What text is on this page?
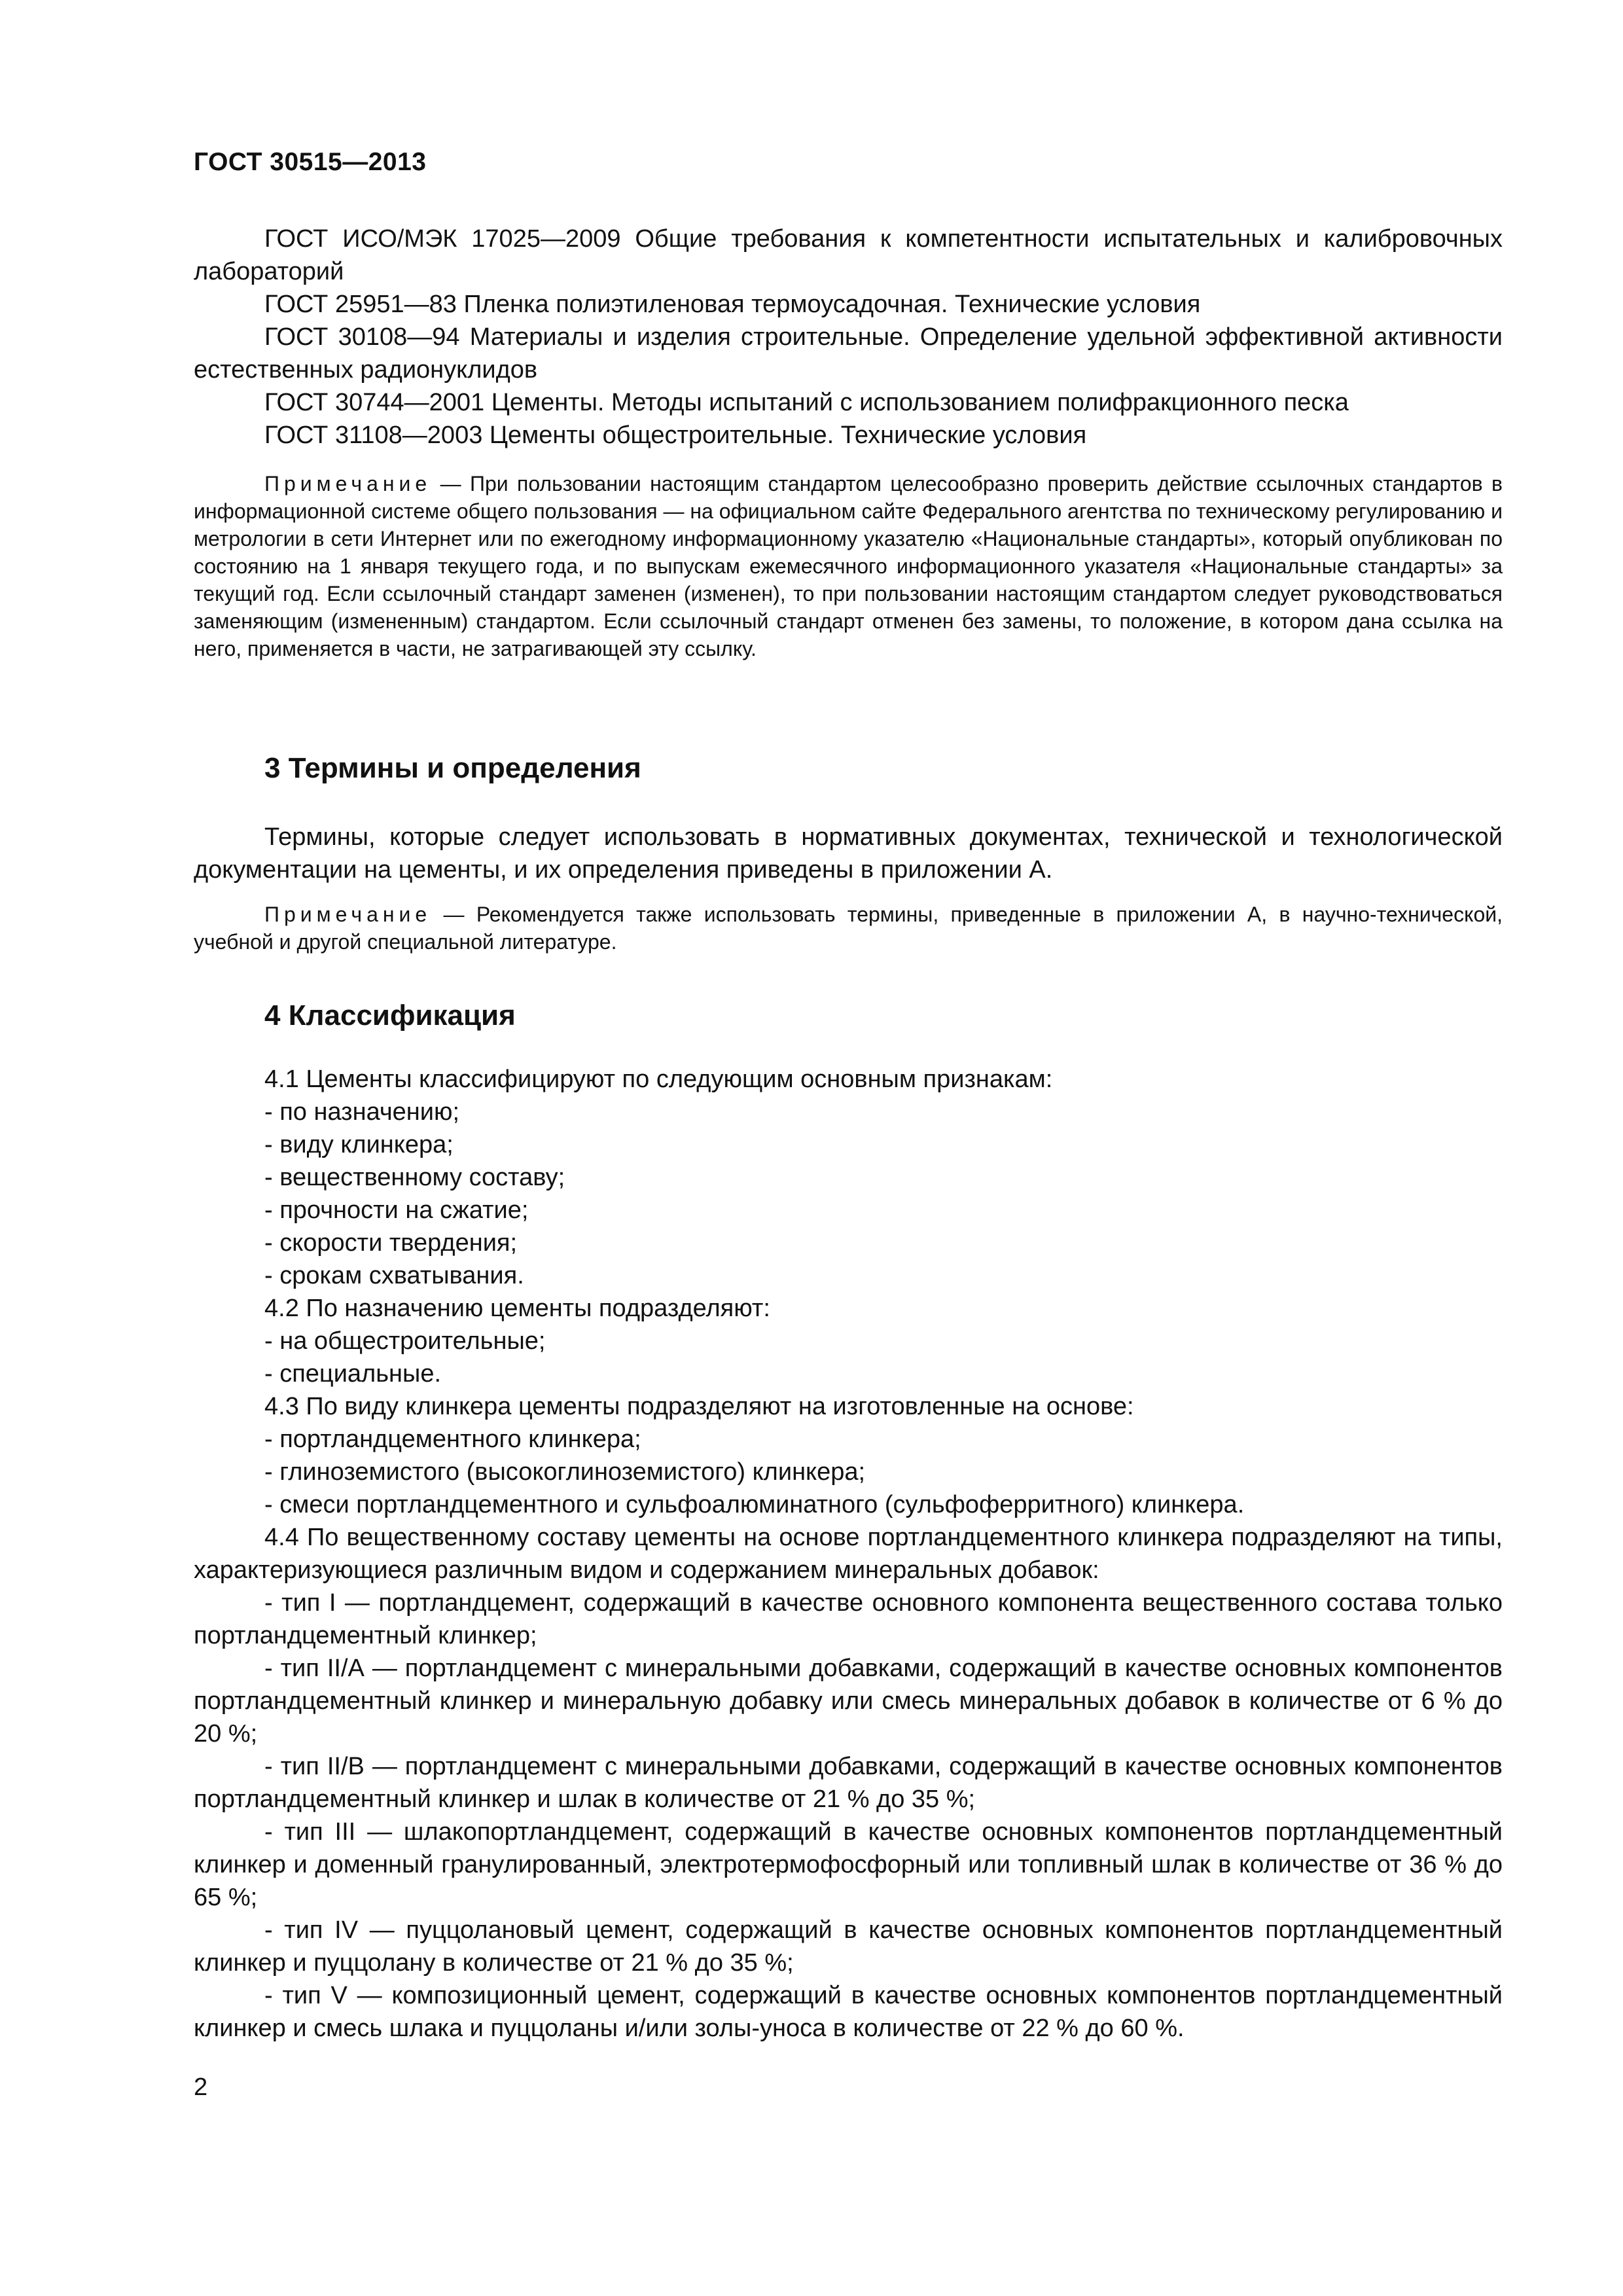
ГОСТ 30515—2013

ГОСТ ИСО/МЭК 17025—2009 Общие требования к компетентности испытательных и калибровочных лабораторий

ГОСТ 25951—83 Пленка полиэтиленовая термоусадочная. Технические условия

ГОСТ 30108—94 Материалы и изделия строительные. Определение удельной эффективной активности естественных радионуклидов

ГОСТ 30744—2001 Цементы. Методы испытаний с использованием полифракционного песка

ГОСТ 31108—2003 Цементы общестроительные. Технические условия

Примечание — При пользовании настоящим стандартом целесообразно проверить действие ссылочных стандартов в информационной системе общего пользования — на официальном сайте Федерального агентства по техническому регулированию и метрологии в сети Интернет или по ежегодному информационному указателю «Национальные стандарты», который опубликован по состоянию на 1 января текущего года, и по выпускам ежемесячного информационного указателя «Национальные стандарты» за текущий год. Если ссылочный стандарт заменен (изменен), то при пользовании настоящим стандартом следует руководствоваться заменяющим (измененным) стандартом. Если ссылочный стандарт отменен без замены, то положение, в котором дана ссылка на него, применяется в части, не затрагивающей эту ссылку.

3 Термины и определения

Термины, которые следует использовать в нормативных документах, технической и технологической документации на цементы, и их определения приведены в приложении А.

Примечание — Рекомендуется также использовать термины, приведенные в приложении А, в научно-технической, учебной и другой специальной литературе.

4 Классификация

4.1 Цементы классифицируют по следующим основным признакам:

- по назначению;

- виду клинкера;

- вещественному составу;

- прочности на сжатие;

- скорости твердения;

- срокам схватывания.

4.2 По назначению цементы подразделяют:

- на общестроительные;

- специальные.

4.3 По виду клинкера цементы подразделяют на изготовленные на основе:

- портландцементного клинкера;

- глиноземистого (высокоглиноземистого) клинкера;

- смеси портландцементного и сульфоалюминатного (сульфоферритного) клинкера.

4.4 По вещественному составу цементы на основе портландцементного клинкера подразделяют на типы, характеризующиеся различным видом и содержанием минеральных добавок:

- тип I — портландцемент, содержащий в качестве основного компонента вещественного состава только портландцементный клинкер;

- тип II/А — портландцемент с минеральными добавками, содержащий в качестве основных компонентов портландцементный клинкер и минеральную добавку или смесь минеральных добавок в количестве от 6 % до 20 %;

- тип II/В — портландцемент с минеральными добавками, содержащий в качестве основных компонентов портландцементный клинкер и шлак в количестве от 21 % до 35 %;

- тип III — шлакопортландцемент, содержащий в качестве основных компонентов портландцементный клинкер и доменный гранулированный, электротермофосфорный или топливный шлак в количестве от 36 % до 65 %;

- тип IV — пуццолановый цемент, содержащий в качестве основных компонентов портландцементный клинкер и пуццолану в количестве от 21 % до 35 %;

- тип V — композиционный цемент, содержащий в качестве основных компонентов портландцементный клинкер и смесь шлака и пуццоланы и/или золы-уноса в количестве от 22 % до 60 %.

2
